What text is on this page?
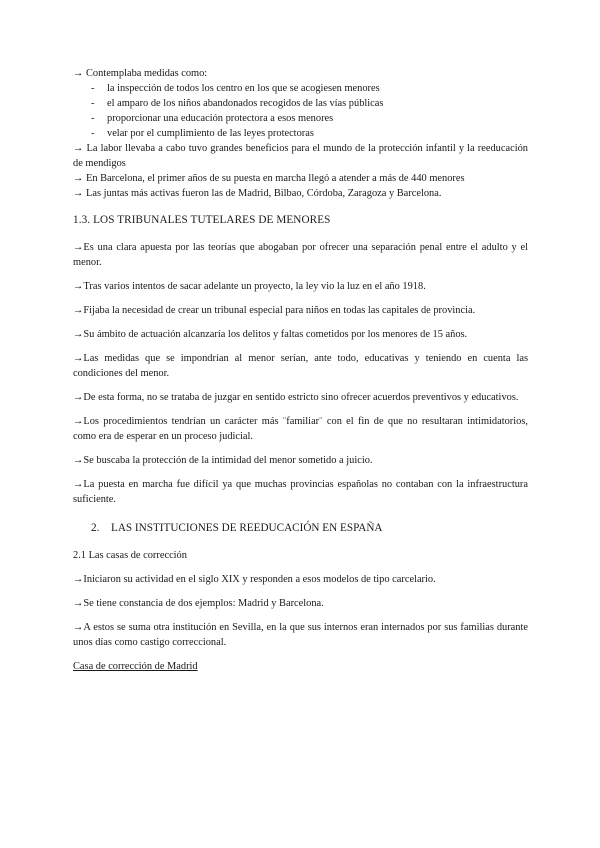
→ Contemplaba medidas como:

- la inspección de todos los centro en los que se acogiesen menores
- el amparo de los niños abandonados recogidos de las vías públicas
- proporcionar una educación protectora a esos menores
- velar por el cumplimiento de las leyes protectoras

→ La labor llevaba a cabo tuvo grandes beneficios para el mundo de la protección infantil y la reeducación de mendigos

→ En Barcelona, el primer años de su puesta en marcha llegó a atender a más de 440 menores

→ Las juntas más activas fueron las de Madrid, Bilbao, Córdoba, Zaragoza y Barcelona.

1.3. LOS TRIBUNALES TUTELARES DE MENORES

→Es una clara apuesta por las teorías que abogaban por ofrecer una separación penal entre el adulto y el menor.

→Tras varios intentos de sacar adelante un proyecto, la ley vio la luz en el año 1918.

→Fijaba la necesidad de crear un tribunal especial para niños en todas las capitales de provincia.

→Su ámbito de actuación alcanzaría los delitos y faltas cometidos por los menores de 15 años.

→Las medidas que se impondrían al menor serían, ante todo, educativas y teniendo en cuenta las condiciones del menor.

→De esta forma, no se trataba de juzgar en sentido estricto sino ofrecer acuerdos preventivos y educativos.

→Los procedimientos tendrían un carácter más ¨familiar¨ con el fin de que no resultaran intimidatorios, como era de esperar en un proceso judicial.

→Se buscaba la protección de la intimidad del menor sometido a juicio.

→La puesta en marcha fue difícil ya que muchas provincias españolas no contaban con la infraestructura suficiente.

2. LAS INSTITUCIONES DE REEDUCACIÓN EN ESPAÑA

2.1 Las casas de corrección

→Iniciaron su actividad en el siglo XIX y responden a esos modelos de tipo carcelario.

→Se tiene constancia de dos ejemplos: Madrid y Barcelona.

→A estos se suma otra institución en Sevilla, en la que sus internos eran internados por sus familias durante unos días como castigo correccional.

Casa de corrección de Madrid
